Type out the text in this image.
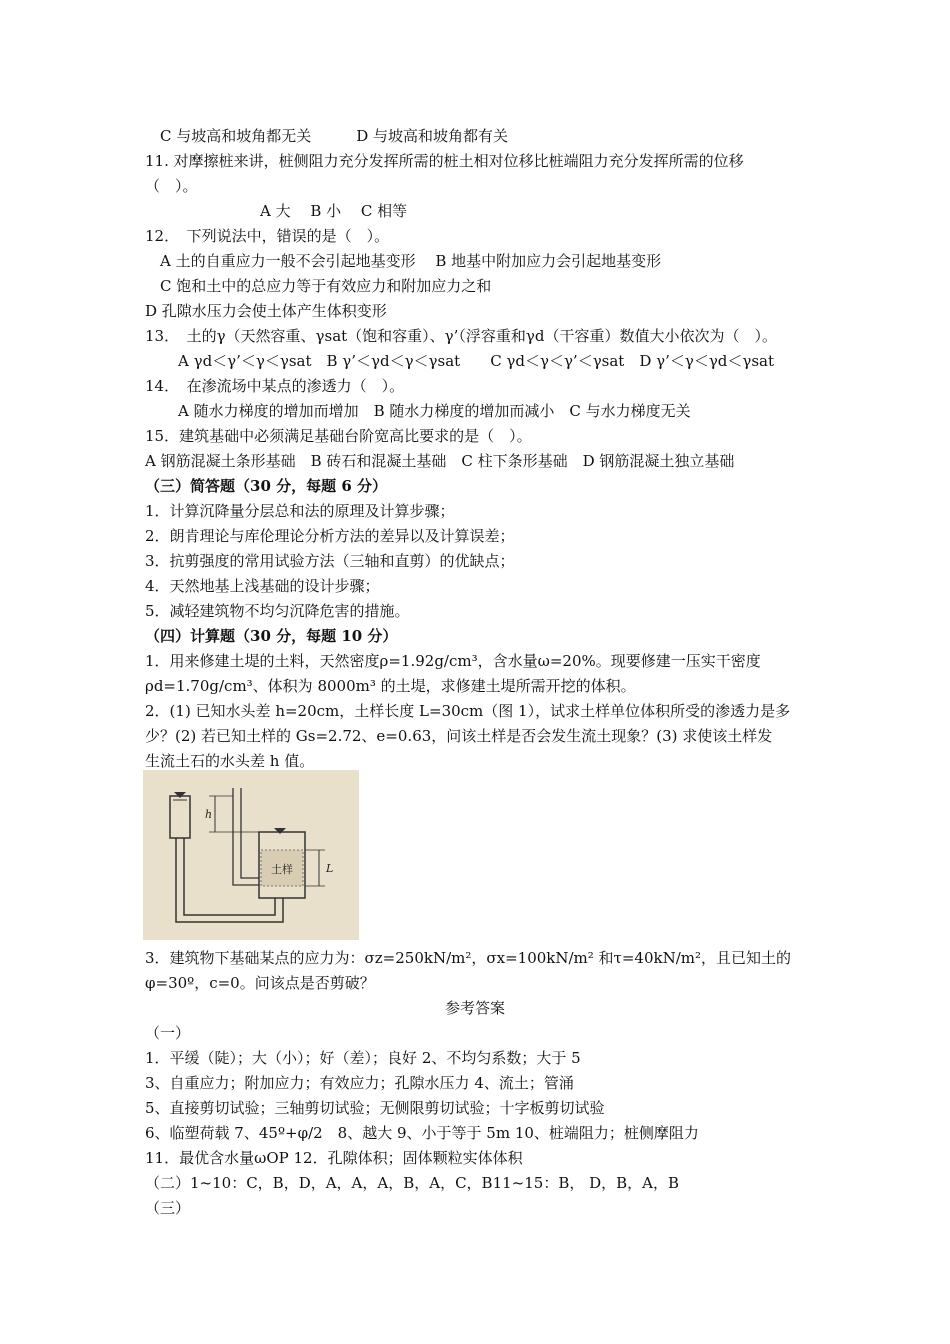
C 与坡高和坡角都无关　　　D 与坡高和坡角都有关
11. 对摩擦桩来讲，桩侧阻力充分发挥所需的桩土相对位移比桩端阻力充分发挥所需的位移
（　）。
A 大　 B 小　 C 相等
12．　下列说法中，错误的是（　）。
A 土的自重应力一般不会引起地基变形　 B 地基中附加应力会引起地基变形
C 饱和土中的总应力等于有效应力和附加应力之和
D 孔隙水压力会使土体产生体积变形
13．　土的γ（天然容重、γsat（饱和容重）、γ’（浮容重和γd（干容重）数值大小依次为（　）。
A γd＜γ’＜γ＜γsat　B γ’＜γd＜γ＜γsat　　C γd＜γ＜γ’＜γsat　D γ’＜γ＜γd＜γsat
14．　在渗流场中某点的渗透力（　）。
A 随水力梯度的增加而增加　B 随水力梯度的增加而减小　C 与水力梯度无关
15．建筑基础中必须满足基础台阶宽高比要求的是（　）。
A 钢筋混凝土条形基础　B 砖石和混凝土基础　C 柱下条形基础　D 钢筋混凝土独立基础
（三）简答题（30 分，每题 6 分）
1．计算沉降量分层总和法的原理及计算步骤；
2．朗肯理论与库伦理论分析方法的差异以及计算误差；
3．抗剪强度的常用试验方法（三轴和直剪）的优缺点；
4．天然地基上浅基础的设计步骤；
5．减轻建筑物不均匀沉降危害的措施。
（四）计算题（30 分，每题 10 分）
1．用来修建土堤的土料，天然密度ρ=1.92g/cm³，含水量ω=20%。现要修建一压实干密度
ρd=1.70g/cm³、体积为 8000m³ 的土堤，求修建土堤所需开挖的体积。
2．(1) 已知水头差 h=20cm，土样长度 L=30cm（图 1），试求土样单位体积所受的渗透力是多
少？(2) 若已知土样的 Gs=2.72、e=0.63，问该土样是否会发生流土现象？(3) 求使该土样发
生流土石的水头差 h 值。
土样
h
L
3．建筑物下基础某点的应力为：σz=250kN/m²，σx=100kN/m² 和τ=40kN/m²，且已知土的
φ=30º，c=0。问该点是否剪破？
参考答案
（一）
1．平缓（陡）；大（小）；好（差）；良好 2、不均匀系数；大于 5
3、自重应力；附加应力；有效应力；孔隙水压力 4、流土；管涌
5、直接剪切试验；三轴剪切试验；无侧限剪切试验；十字板剪切试验
6、临塑荷载 7、45º+φ/2　8、越大 9、小于等于 5m 10、桩端阻力；桩侧摩阻力
11．最优含水量ωOP 12．孔隙体积；固体颗粒实体体积
（二）1~10：C，B，D，A，A，A，B，A，C，B11~15：B， D，B，A，B
（三）
